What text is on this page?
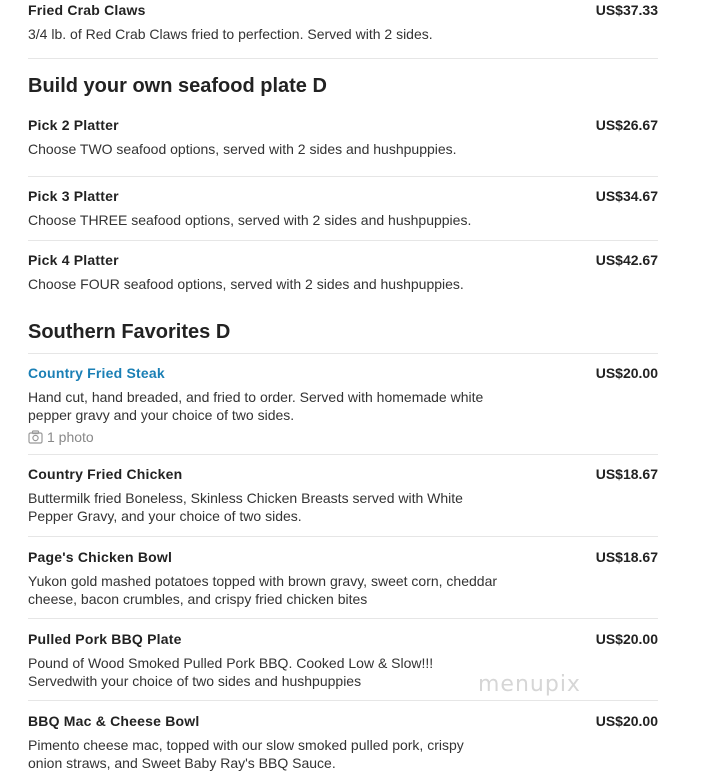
Fried Crab Claws	US$37.33
3/4 lb. of Red Crab Claws fried to perfection. Served with 2 sides.
Build your own seafood plate D
Pick 2 Platter	US$26.67
Choose TWO seafood options, served with 2 sides and hushpuppies.
Pick 3 Platter	US$34.67
Choose THREE seafood options, served with 2 sides and hushpuppies.
Pick 4 Platter	US$42.67
Choose FOUR seafood options, served with 2 sides and hushpuppies.
Southern Favorites D
Country Fried Steak	US$20.00
Hand cut, hand breaded, and fried to order. Served with homemade white pepper gravy and your choice of two sides.
1 photo
Country Fried Chicken	US$18.67
Buttermilk fried Boneless, Skinless Chicken Breasts served with White Pepper Gravy, and your choice of two sides.
Page's Chicken Bowl	US$18.67
Yukon gold mashed potatoes topped with brown gravy, sweet corn, cheddar cheese, bacon crumbles, and crispy fried chicken bites
Pulled Pork BBQ Plate	US$20.00
Pound of Wood Smoked Pulled Pork BBQ. Cooked Low & Slow!!! Servedwith your choice of two sides and hushpuppies
BBQ Mac & Cheese Bowl	US$20.00
Pimento cheese mac, topped with our slow smoked pulled pork, crispy onion straws, and Sweet Baby Ray's BBQ Sauce.
menupix
